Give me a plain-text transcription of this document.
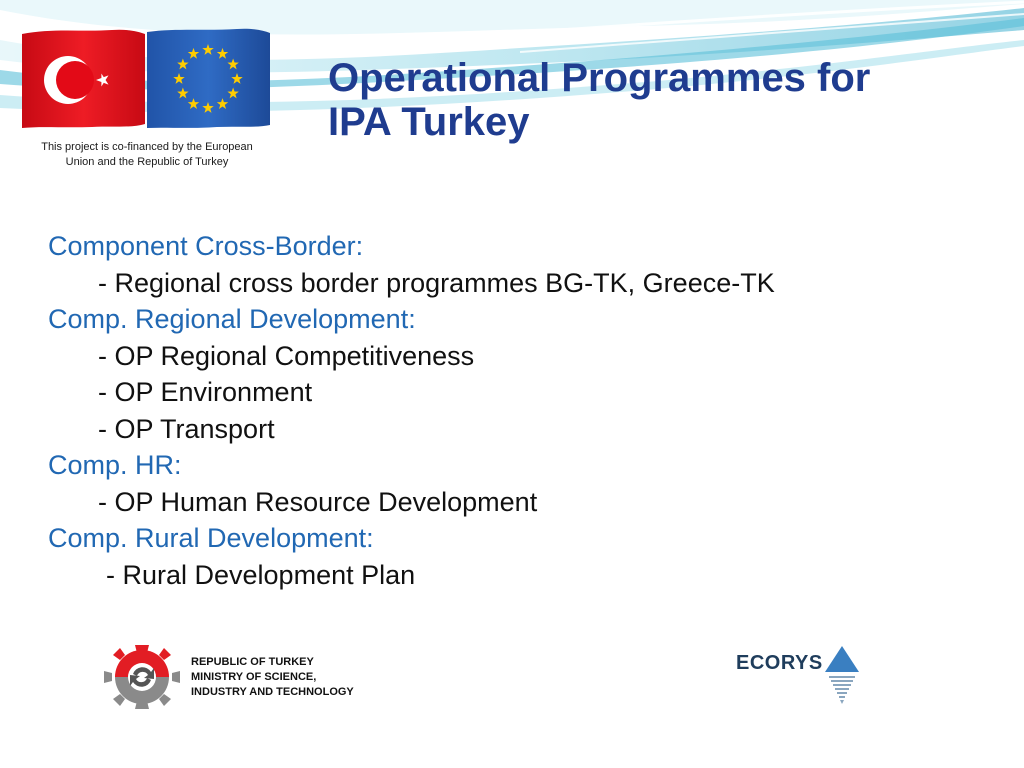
This project is co-financed by the European
Union and the Republic of Turkey
Operational Programmes for
IPA Turkey
Component Cross-Border:
- Regional cross border programmes BG-TK, Greece-TK
Comp. Regional Development:
- OP Regional Competitiveness
- OP Environment
- OP Transport
Comp. HR:
- OP Human Resource Development
Comp. Rural Development:
- Rural Development Plan
REPUBLIC OF TURKEY
MINISTRY OF SCIENCE,
INDUSTRY AND TECHNOLOGY
ECORYS
